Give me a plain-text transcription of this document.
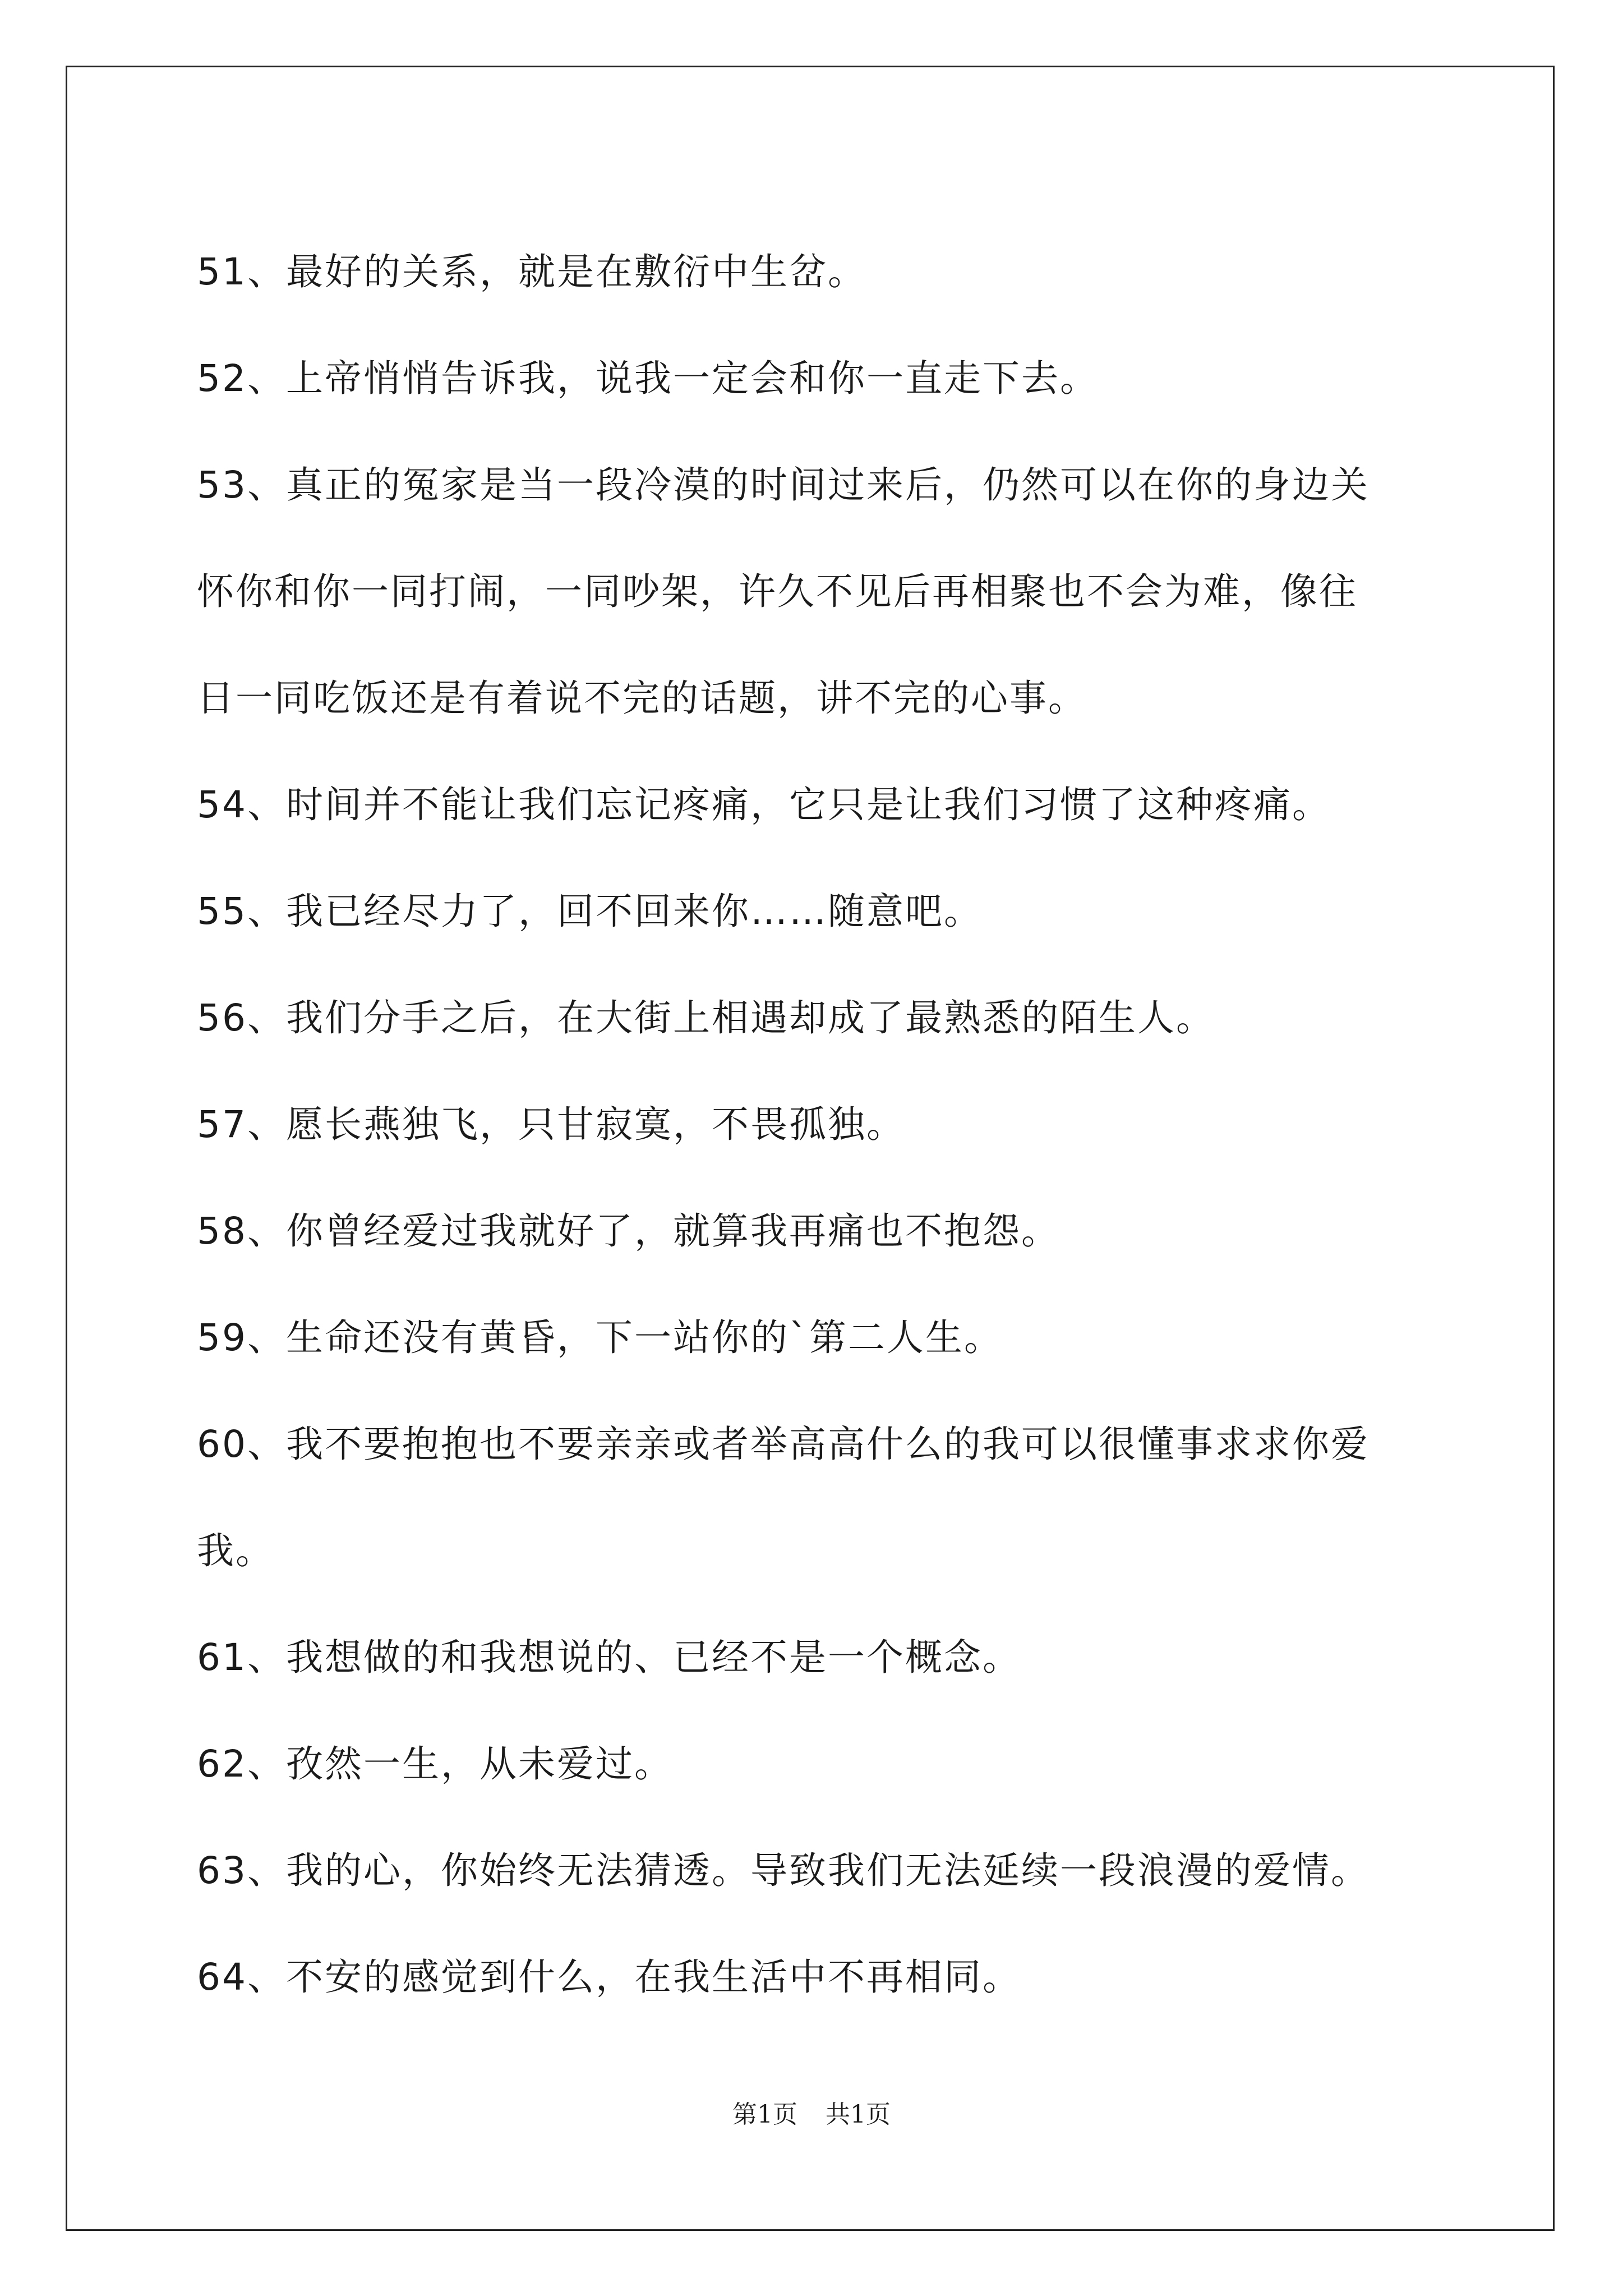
51、最好的关系，就是在敷衍中生岔。
52、上帝悄悄告诉我，说我一定会和你一直走下去。
53、真正的冤家是当一段冷漠的时间过来后，仍然可以在你的身边关
怀你和你一同打闹，一同吵架，许久不见后再相聚也不会为难，像往
日一同吃饭还是有着说不完的话题，讲不完的心事。
54、时间并不能让我们忘记疼痛，它只是让我们习惯了这种疼痛。
55、我已经尽力了，回不回来你……随意吧。
56、我们分手之后，在大街上相遇却成了最熟悉的陌生人。
57、愿长燕独飞，只甘寂寞，不畏孤独。
58、你曾经爱过我就好了，就算我再痛也不抱怨。
59、生命还没有黄昏，下一站你的`第二人生。
60、我不要抱抱也不要亲亲或者举高高什么的我可以很懂事求求你爱
我。
61、我想做的和我想说的、已经不是一个概念。
62、孜然一生，从未爱过。
63、我的心，你始终无法猜透。导致我们无法延续一段浪漫的爱情。
64、不安的感觉到什么，在我生活中不再相同。
第1页 共1页
